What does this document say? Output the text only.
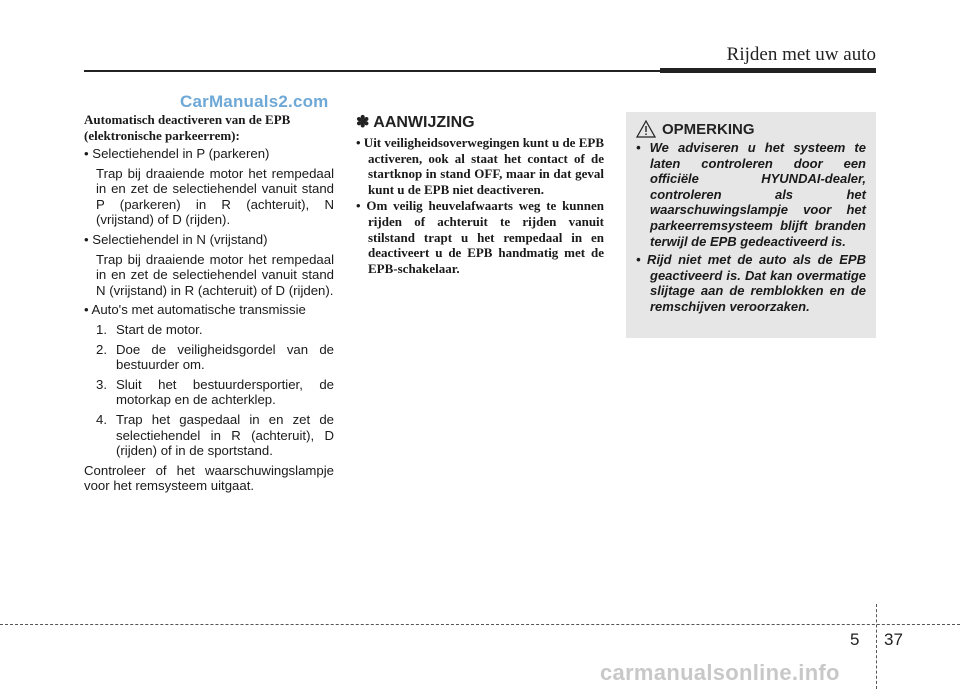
Rijden met uw auto
CarManuals2.com
Automatisch deactiveren van de EPB
(elektronische parkeerrem):
• Selectiehendel in P (parkeren)
Trap bij draaiende motor het rempedaal in en zet de selectiehendel vanuit stand P (parkeren) in R (achteruit), N (vrijstand) of D (rijden).
• Selectiehendel in N (vrijstand)
Trap bij draaiende motor het rempedaal in en zet de selectiehendel vanuit stand N (vrijstand) in R (achteruit) of D (rijden).
• Auto's met automatische transmissie
1. Start de motor.
2. Doe de veiligheidsgordel van de bestuurder om.
3. Sluit het bestuurdersportier, de motorkap en de achterklep.
4. Trap het gaspedaal in en zet de selectiehendel in R (achteruit), D (rijden) of in de sportstand.
Controleer of het waarschuwingslampje voor het remsysteem uitgaat.
✽ AANWIJZING
• Uit veiligheidsoverwegingen kunt u de EPB activeren, ook al staat het contact of de startknop in stand OFF, maar in dat geval kunt u de EPB niet deactiveren.
• Om veilig heuvelafwaarts weg te kunnen rijden of achteruit te rijden vanuit stilstand trapt u het rempedaal in en deactiveert u de EPB handmatig met de EPB-schakelaar.
OPMERKING
• We adviseren u het systeem te laten controleren door een officiële HYUNDAI-dealer, controleren als het waarschuwingslampje voor het parkeerremsysteem blijft branden terwijl de EPB gedeactiveerd is.
• Rijd niet met de auto als de EPB geactiveerd is. Dat kan overmatige slijtage aan de remblokken en de remschijven veroorzaken.
5 37
carmanualsonline.info
